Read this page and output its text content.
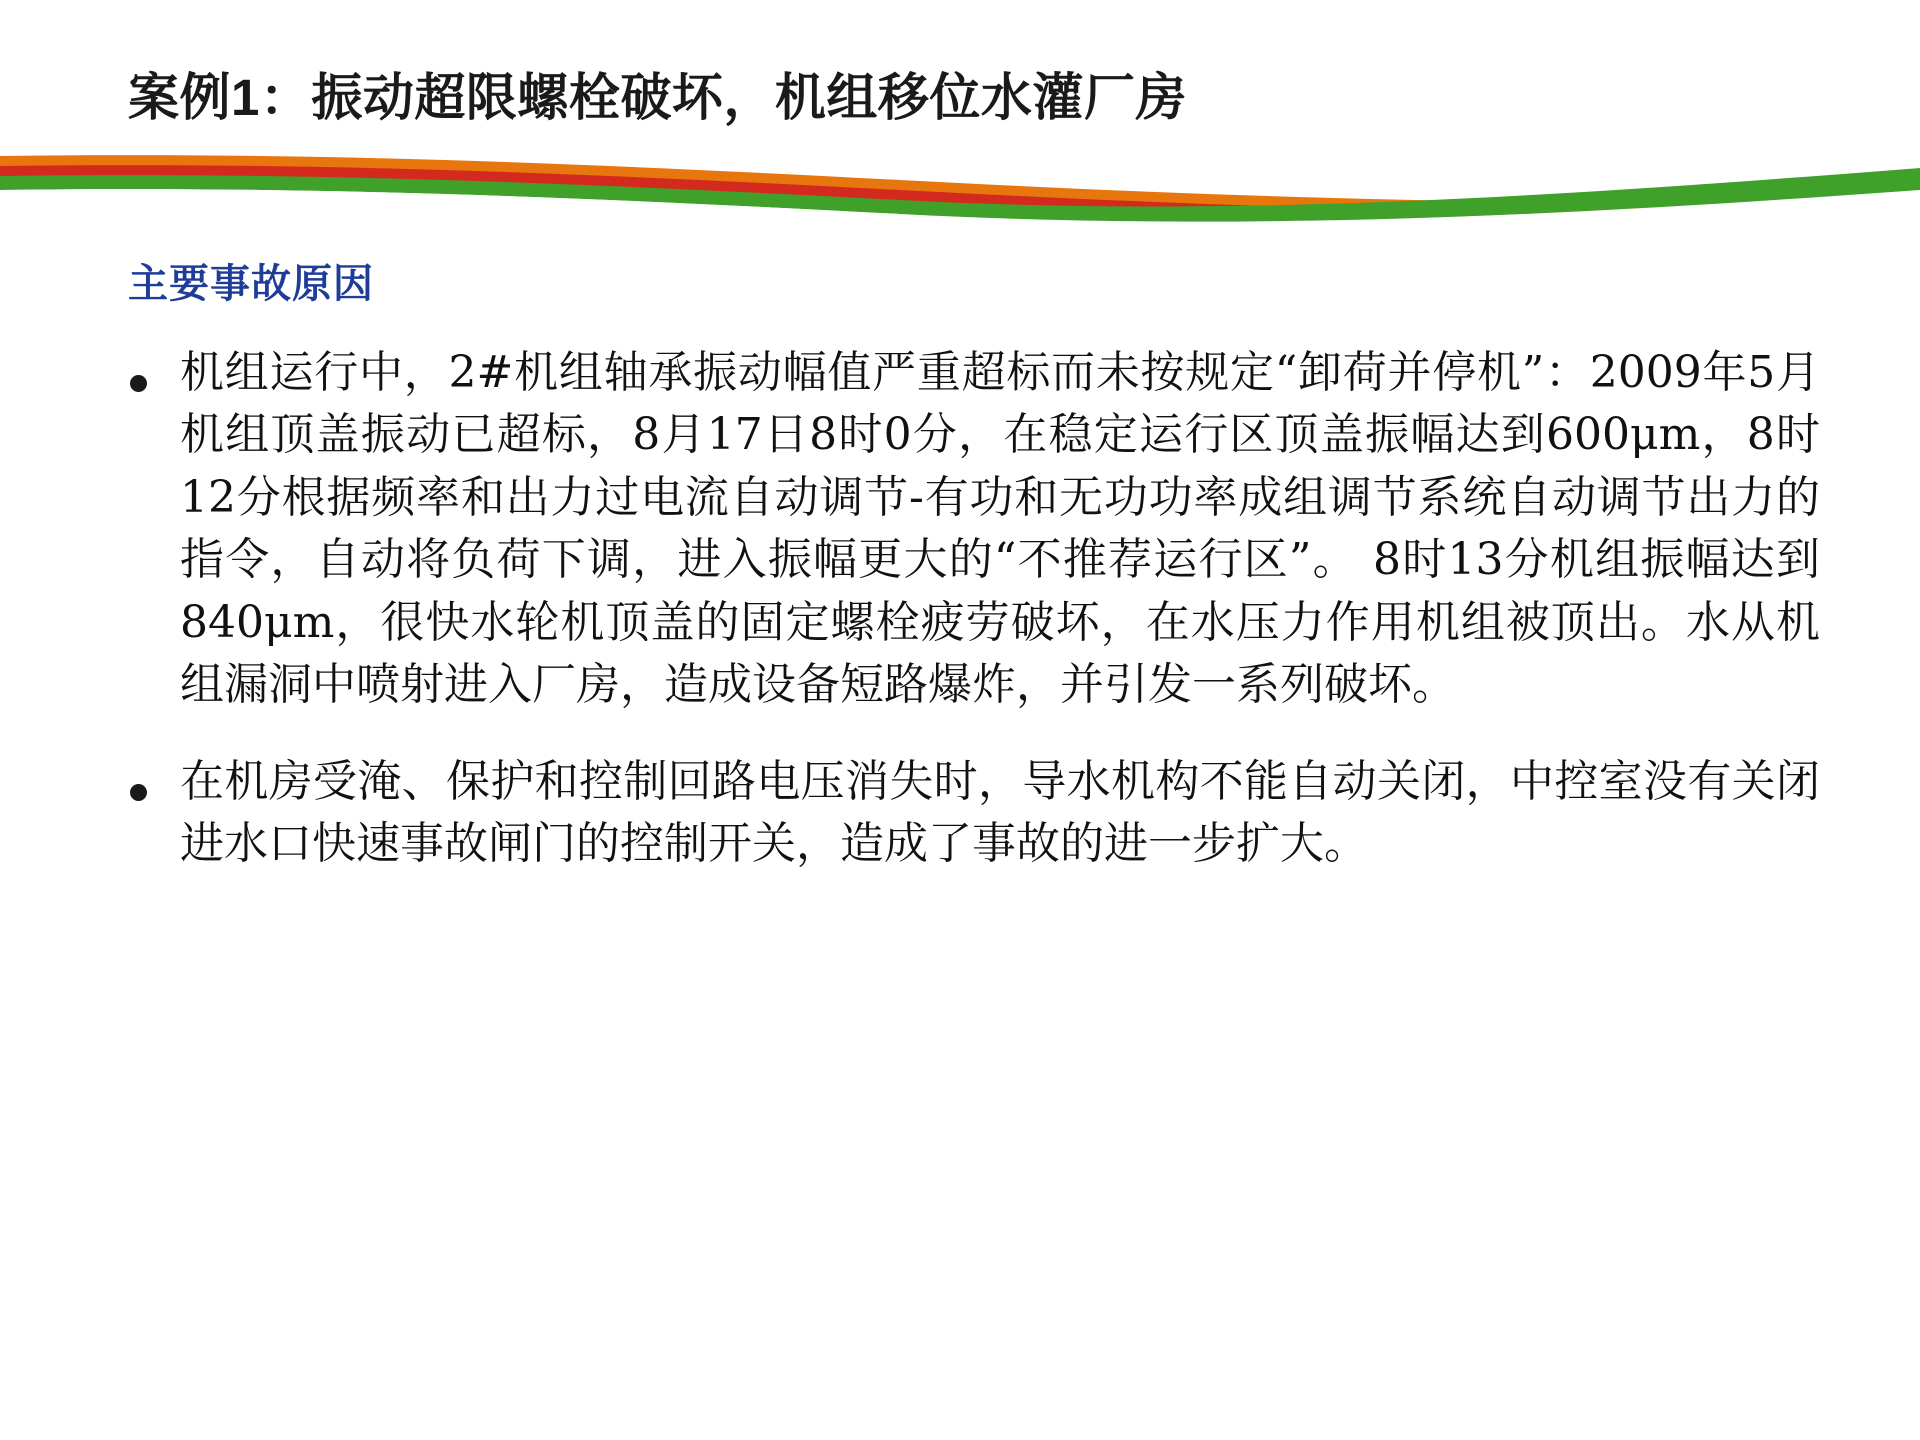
案例1：振动超限螺栓破坏，机组移位水灌厂房
主要事故原因
机组运行中，2#机组轴承振动幅值严重超标而未按规定“卸荷并停机”：2009年5月机组顶盖振动已超标，8月17日8时0分，在稳定运行区顶盖振幅达到600μm，8时12分根据频率和出力过电流自动调节-有功和无功功率成组调节系统自动调节出力的指令，自动将负荷下调，进入振幅更大的“不推荐运行区”。 8时13分机组振幅达到840μm，很快水轮机顶盖的固定螺栓疲劳破坏，在水压力作用机组被顶出。水从机组漏洞中喷射进入厂房，造成设备短路爆炸，并引发一系列破坏。
在机房受淹、保护和控制回路电压消失时，导水机构不能自动关闭，中控室没有关闭进水口快速事故闸门的控制开关，造成了事故的进一步扩大。
